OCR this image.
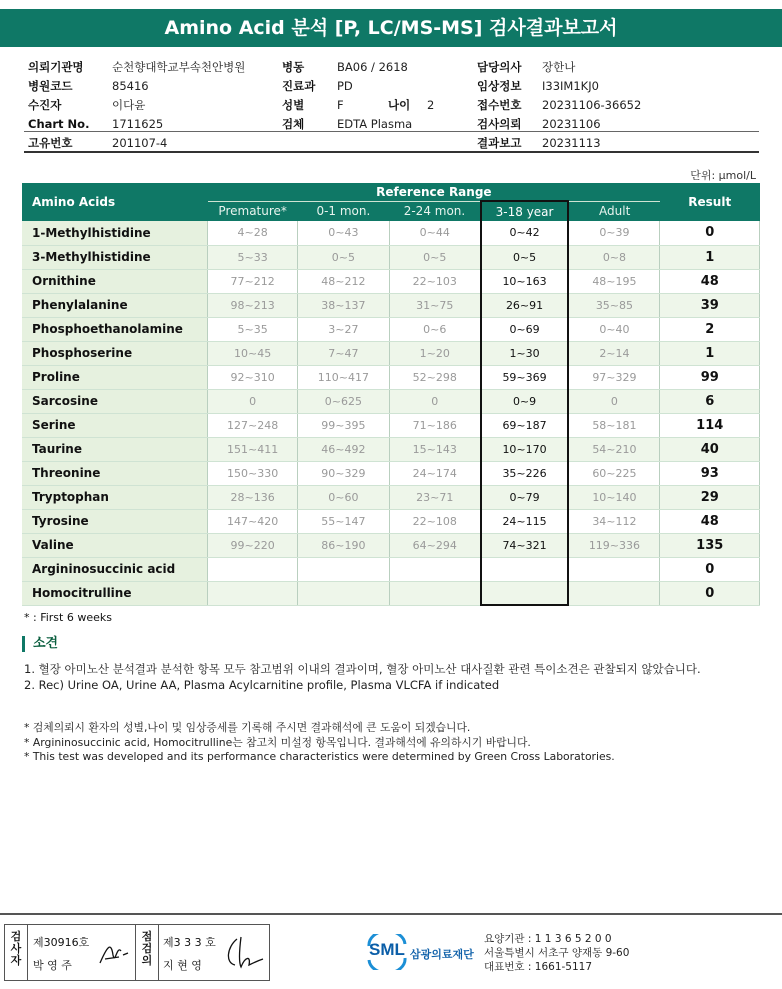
Amino Acid 분석 [P, LC/MS-MS] 검사결과보고서
의뢰기관명 순천향대학교부속천안병원
병원코드	85416
수진자	이다윤
Chart No. 1711625
고유번호	201107-4
병동	BA06 / 2618
진료과 PD
성별	F	나이 2
검체	EDTA Plasma
담당의사 장한나
임상정보 I33IM1KJ0
접수번호 20231106-36652
검사의뢰 20231106
결과보고 20231113
단위: μmol/L
Amino Acids	Reference Range					Result
	Premature*	0-1 mon.	2-24 mon.	3-18 year	Adult	
1-Methylhistidine	4~28	0~43	0~44	0~42	0~39	0
3-Methylhistidine	5~33	0~5	0~5	0~5	0~8	1
Ornithine	77~212	48~212	22~103	10~163	48~195	48
Phenylalanine	98~213	38~137	31~75	26~91	35~85	39
Phosphoethanolamine	5~35	3~27	0~6	0~69	0~40	2
Phosphoserine	10~45	7~47	1~20	1~30	2~14	1
Proline	92~310	110~417	52~298	59~369	97~329	99
Sarcosine	0	0~625	0	0~9	0	6
Serine	127~248	99~395	71~186	69~187	58~181	114
Taurine	151~411	46~492	15~143	10~170	54~210	40
Threonine	150~330	90~329	24~174	35~226	60~225	93
Tryptophan	28~136	0~60	23~71	0~79	10~140	29
Tyrosine	147~420	55~147	22~108	24~115	34~112	48
Valine	99~220	86~190	64~294	74~321	119~336	135
Argininosuccinic acid						0
Homocitrulline						0
* : First 6 weeks
소견
1. 혈장 아미노산 분석결과 분석한 항목 모두 참고범위 이내의 결과이며, 혈장 아미노산 대사질환 관련 특이소견은 관찰되지 않았습니다.
2. Rec) Urine OA, Urine AA, Plasma Acylcarnitine profile, Plasma VLCFA if indicated
* 검체의뢰시 환자의 성별,나이 및 임상증세를 기록해 주시면 결과해석에 큰 도움이 되겠습니다.
* Argininosuccinic acid, Homocitrulline는 참고치 미설정 항목입니다. 결과해석에 유의하시기 바랍니다.
* This test was developed and its performance characteristics were determined by Green Cross Laboratories.
검사자
제30916호
박 영 주
점검의
제3 3 3 호
지 현 영
SML 삼광의료재단
요양기관 : 1 1 3 6 5 2 0 0
서울특별시 서초구 양재동 9-60
대표번호 : 1661-5117
